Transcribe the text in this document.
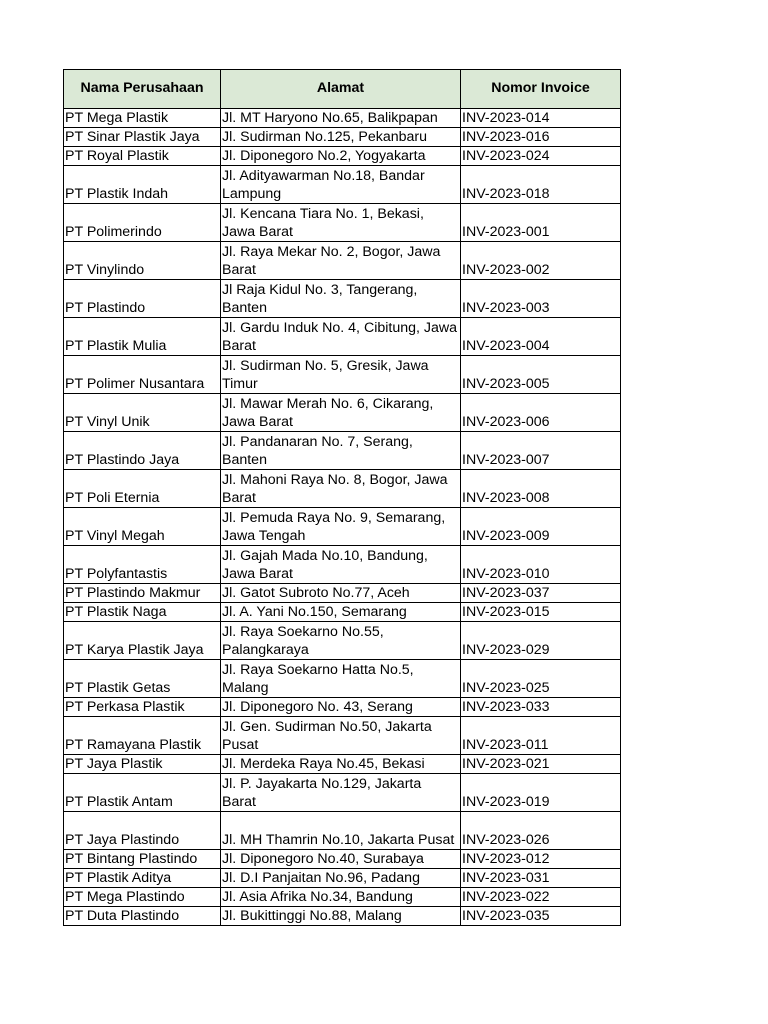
Nama Perusahaan	Alamat	Nomor Invoice
PT Mega Plastik	Jl. MT Haryono No.65, Balikpapan	INV-2023-014
PT Sinar Plastik Jaya	Jl. Sudirman No.125, Pekanbaru	INV-2023-016
PT Royal Plastik	Jl. Diponegoro No.2, Yogyakarta	INV-2023-024
PT Plastik Indah	Jl. Adityawarman No.18, Bandar Lampung	INV-2023-018
PT Polimerindo	Jl. Kencana Tiara No. 1, Bekasi, Jawa Barat	INV-2023-001
PT Vinylindo	Jl. Raya Mekar No. 2, Bogor, Jawa Barat	INV-2023-002
PT Plastindo	Jl Raja Kidul No. 3, Tangerang, Banten	INV-2023-003
PT Plastik Mulia	Jl. Gardu Induk No. 4, Cibitung, Jawa Barat	INV-2023-004
PT Polimer Nusantara	Jl. Sudirman No. 5, Gresik, Jawa Timur	INV-2023-005
PT Vinyl Unik	Jl. Mawar Merah No. 6, Cikarang, Jawa Barat	INV-2023-006
PT Plastindo Jaya	Jl. Pandanaran No. 7, Serang, Banten	INV-2023-007
PT Poli Eternia	Jl. Mahoni Raya No. 8, Bogor, Jawa Barat	INV-2023-008
PT Vinyl Megah	Jl. Pemuda Raya No. 9, Semarang, Jawa Tengah	INV-2023-009
PT Polyfantastis	Jl. Gajah Mada No.10, Bandung, Jawa Barat	INV-2023-010
PT Plastindo Makmur	Jl. Gatot Subroto No.77, Aceh	INV-2023-037
PT Plastik Naga	Jl. A. Yani No.150, Semarang	INV-2023-015
PT Karya Plastik Jaya	Jl. Raya Soekarno No.55, Palangkaraya	INV-2023-029
PT Plastik Getas	Jl. Raya Soekarno Hatta No.5, Malang	INV-2023-025
PT Perkasa Plastik	Jl. Diponegoro No. 43, Serang	INV-2023-033
PT Ramayana Plastik	Jl. Gen. Sudirman No.50, Jakarta Pusat	INV-2023-011
PT Jaya Plastik	Jl. Merdeka Raya No.45, Bekasi	INV-2023-021
PT Plastik Antam	Jl. P. Jayakarta No.129, Jakarta Barat	INV-2023-019
PT Jaya Plastindo	Jl. MH Thamrin No.10, Jakarta Pusat	INV-2023-026
PT Bintang Plastindo	Jl. Diponegoro No.40, Surabaya	INV-2023-012
PT Plastik Aditya	Jl. D.I Panjaitan No.96, Padang	INV-2023-031
PT Mega Plastindo	Jl. Asia Afrika No.34, Bandung	INV-2023-022
PT Duta Plastindo	Jl. Bukittinggi No.88, Malang	INV-2023-035
